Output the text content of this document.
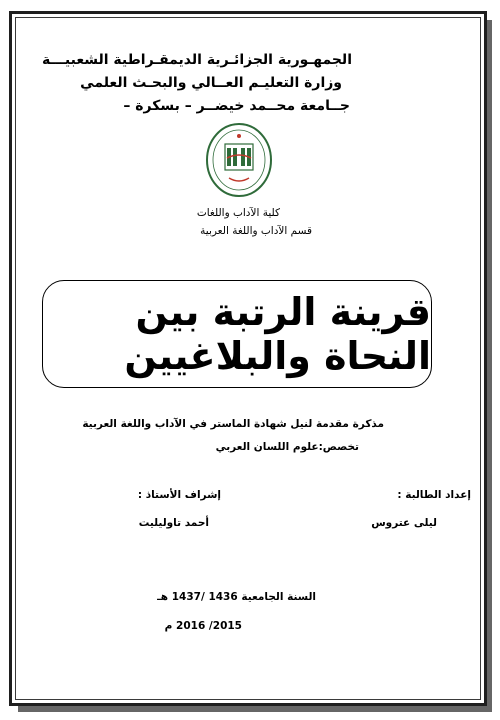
الجمهـورية الجزائـرية الديمقـراطية الشعبيـــة
وزارة التعليـم العــالي والبحـث العلمي
جــامعة محــمد خيضــر – بسكرة –
كلية الآداب واللغات
قسم الآداب واللغة العربية
قرينة الرتبة بين النحاة والبلاغيين
مذكرة مقدمة لنيل شهادة الماستر في الآداب واللغة العربية
تخصص:علوم اللسان العربي
إعداد الطالبة :
إشراف الأستاذ :
ليلى عتروس
أحمد تاوليليت
السنة الجامعية 1436 /1437 هـ
2015/ 2016 م
